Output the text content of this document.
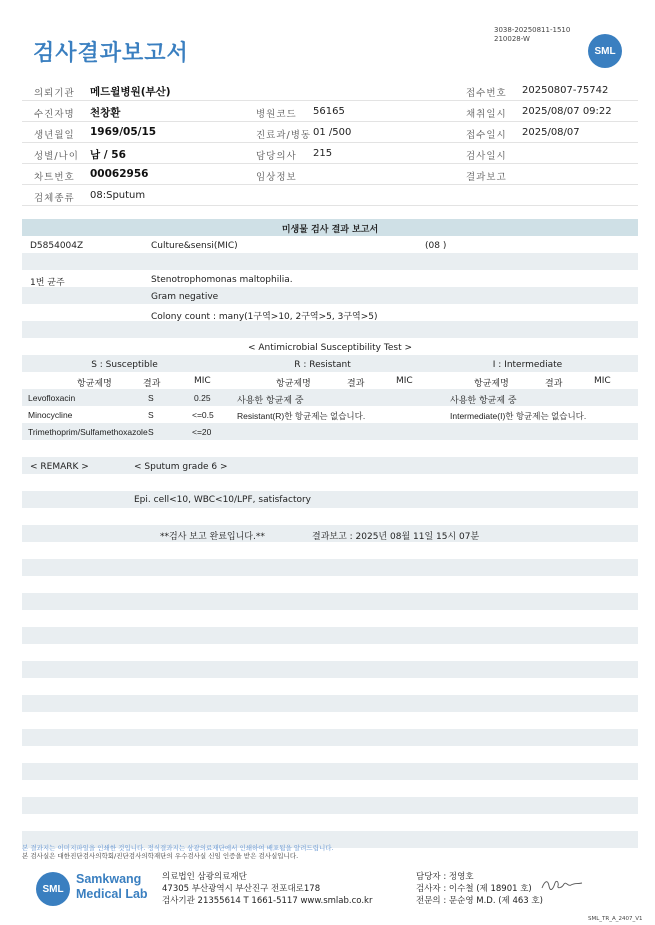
3038-20250811-1510
210028-W
검사결과보고서	SML
의뢰기관 메드윌병원(부산)	접수번호 20250807-75742
수진자명 천창환	병원코드 56165	채취일시 2025/08/07 09:22
생년월일 1969/05/15	진료과/병동 01 /500	접수일시 2025/08/07
성별/나이 남 / 56	담당의사 215	검사일시
차트번호 00062956	임상정보	결과보고
검체종류 08:Sputum
미생물 검사 결과 보고서
D5854004Z	Culture&sensi(MIC)	(08 )
1번 균주	Stenotrophomonas maltophilia.
Gram negative
Colony count : many(1구역>10, 2구역>5, 3구역>5)
< Antimicrobial Susceptibility Test >
S : Susceptible	R : Resistant	I : Intermediate
항균제명	결과	MIC	항균제명	결과	MIC	항균제명	결과	MIC
Levofloxacin	S	0.25	사용한 항균제 중	사용한 항균제 중
Minocycline	S	<=0.5	Resistant(R)한 항균제는 없습니다.	Intermediate(I)한 항균제는 없습니다.
Trimethoprim/Sulfamethoxazole S	<=20
< REMARK >	< Sputum grade 6 >
Epi. cell<10, WBC<10/LPF, satisfactory
**검사 보고 완료입니다.**	결과보고 : 2025년 08월 11일 15시 07분
본 결과지는 이미지파일을 인쇄한 것입니다. 정식결과지는 삼광의료재단에서 인쇄하여 배포됨을 알려드립니다.
본 검사실은 대한진단검사의학회/진단검사의학재단의 우수검사실 신임 인증을 받은 검사실입니다.
SML
Samkwang
Medical Lab
의료법인 삼광의료재단
47305 부산광역시 부산진구 전포대로178
검사기관 21355614 T 1661-5117 www.smlab.co.kr
담당자 : 정영호
검사자 : 이수철 (제 18901 호)
전문의 : 문순영 M.D. (제 463 호)
SML_TR_A_2407_V1
